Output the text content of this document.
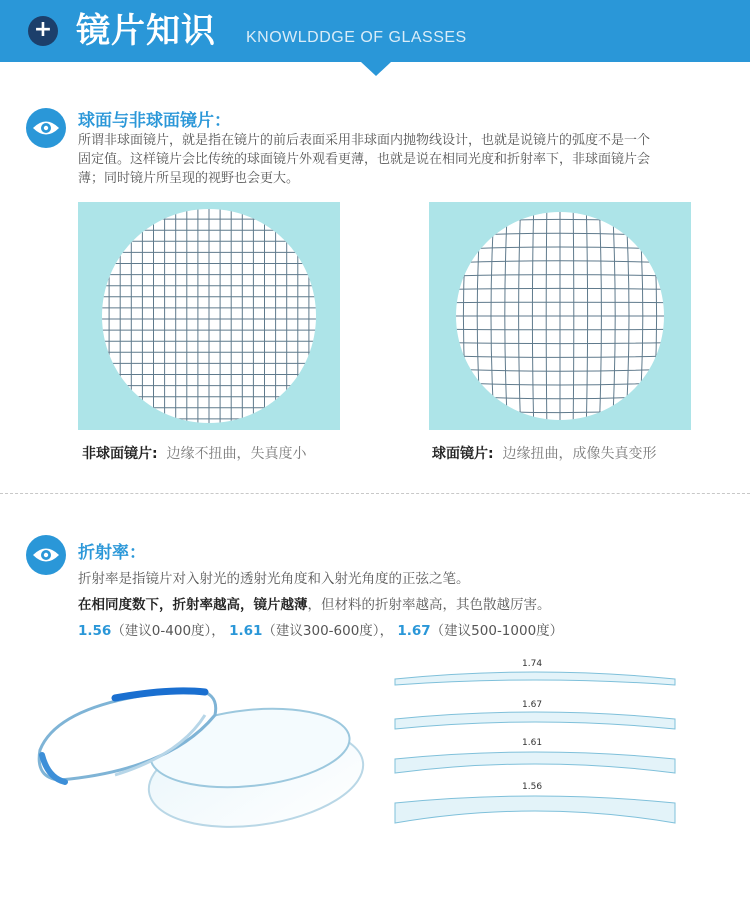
+ 镜片知识 KNOWLDDGE OF GLASSES
球面与非球面镜片：
所谓非球面镜片，就是指在镜片的前后表面采用非球面内抛物线设计，也就是说镜片的弧度不是一个
固定值。这样镜片会比传统的球面镜片外观看更薄，也就是说在相同光度和折射率下，非球面镜片会
薄；同时镜片所呈现的视野也会更大。
非球面镜片: 边缘不扭曲，失真度小	球面镜片: 边缘扭曲，成像失真变形
折射率：
折射率是指镜片对入射光的透射光角度和入射光角度的正弦之笔。
在相同度数下，折射率越高，镜片越薄，但材料的折射率越高，其色散越厉害。
1.56（建议0-400度）， 1.61（建议300-600度）， 1.67（建议500-1000度）
1.74
1.67
1.61
1.56
